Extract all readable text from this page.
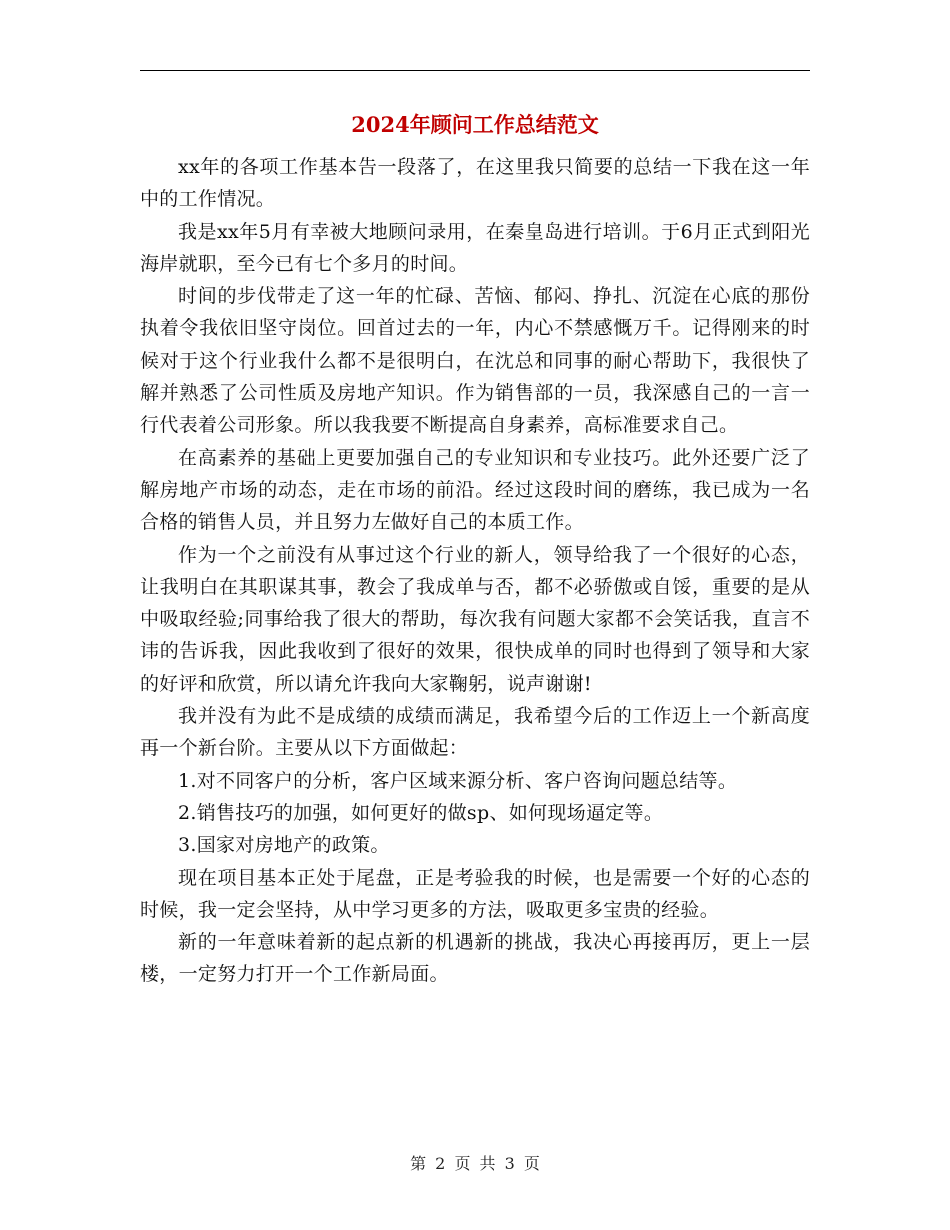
2024年顾问工作总结范文

xx年的各项工作基本告一段落了，在这里我只简要的总结一下我在这一年中的工作情况。

我是xx年5月有幸被大地顾问录用，在秦皇岛进行培训。于6月正式到阳光海岸就职，至今已有七个多月的时间。

时间的步伐带走了这一年的忙碌、苦恼、郁闷、挣扎、沉淀在心底的那份执着令我依旧坚守岗位。回首过去的一年，内心不禁感慨万千。记得刚来的时候对于这个行业我什么都不是很明白，在沈总和同事的耐心帮助下，我很快了解并熟悉了公司性质及房地产知识。作为销售部的一员，我深感自己的一言一行代表着公司形象。所以我我要不断提高自身素养，高标准要求自己。

在高素养的基础上更要加强自己的专业知识和专业技巧。此外还要广泛了解房地产市场的动态，走在市场的前沿。经过这段时间的磨练，我已成为一名合格的销售人员，并且努力左做好自己的本质工作。

作为一个之前没有从事过这个行业的新人，领导给我了一个很好的心态，让我明白在其职谋其事，教会了我成单与否，都不必骄傲或自馁，重要的是从中吸取经验;同事给我了很大的帮助，每次我有问题大家都不会笑话我，直言不讳的告诉我，因此我收到了很好的效果，很快成单的同时也得到了领导和大家的好评和欣赏，所以请允许我向大家鞠躬，说声谢谢!

我并没有为此不是成绩的成绩而满足，我希望今后的工作迈上一个新高度再一个新台阶。主要从以下方面做起：

1.对不同客户的分析，客户区域来源分析、客户咨询问题总结等。

2.销售技巧的加强，如何更好的做sp、如何现场逼定等。

3.国家对房地产的政策。

现在项目基本正处于尾盘，正是考验我的时候，也是需要一个好的心态的时候，我一定会坚持，从中学习更多的方法，吸取更多宝贵的经验。

新的一年意味着新的起点新的机遇新的挑战，我决心再接再厉，更上一层楼，一定努力打开一个工作新局面。

第 2 页 共 3 页
